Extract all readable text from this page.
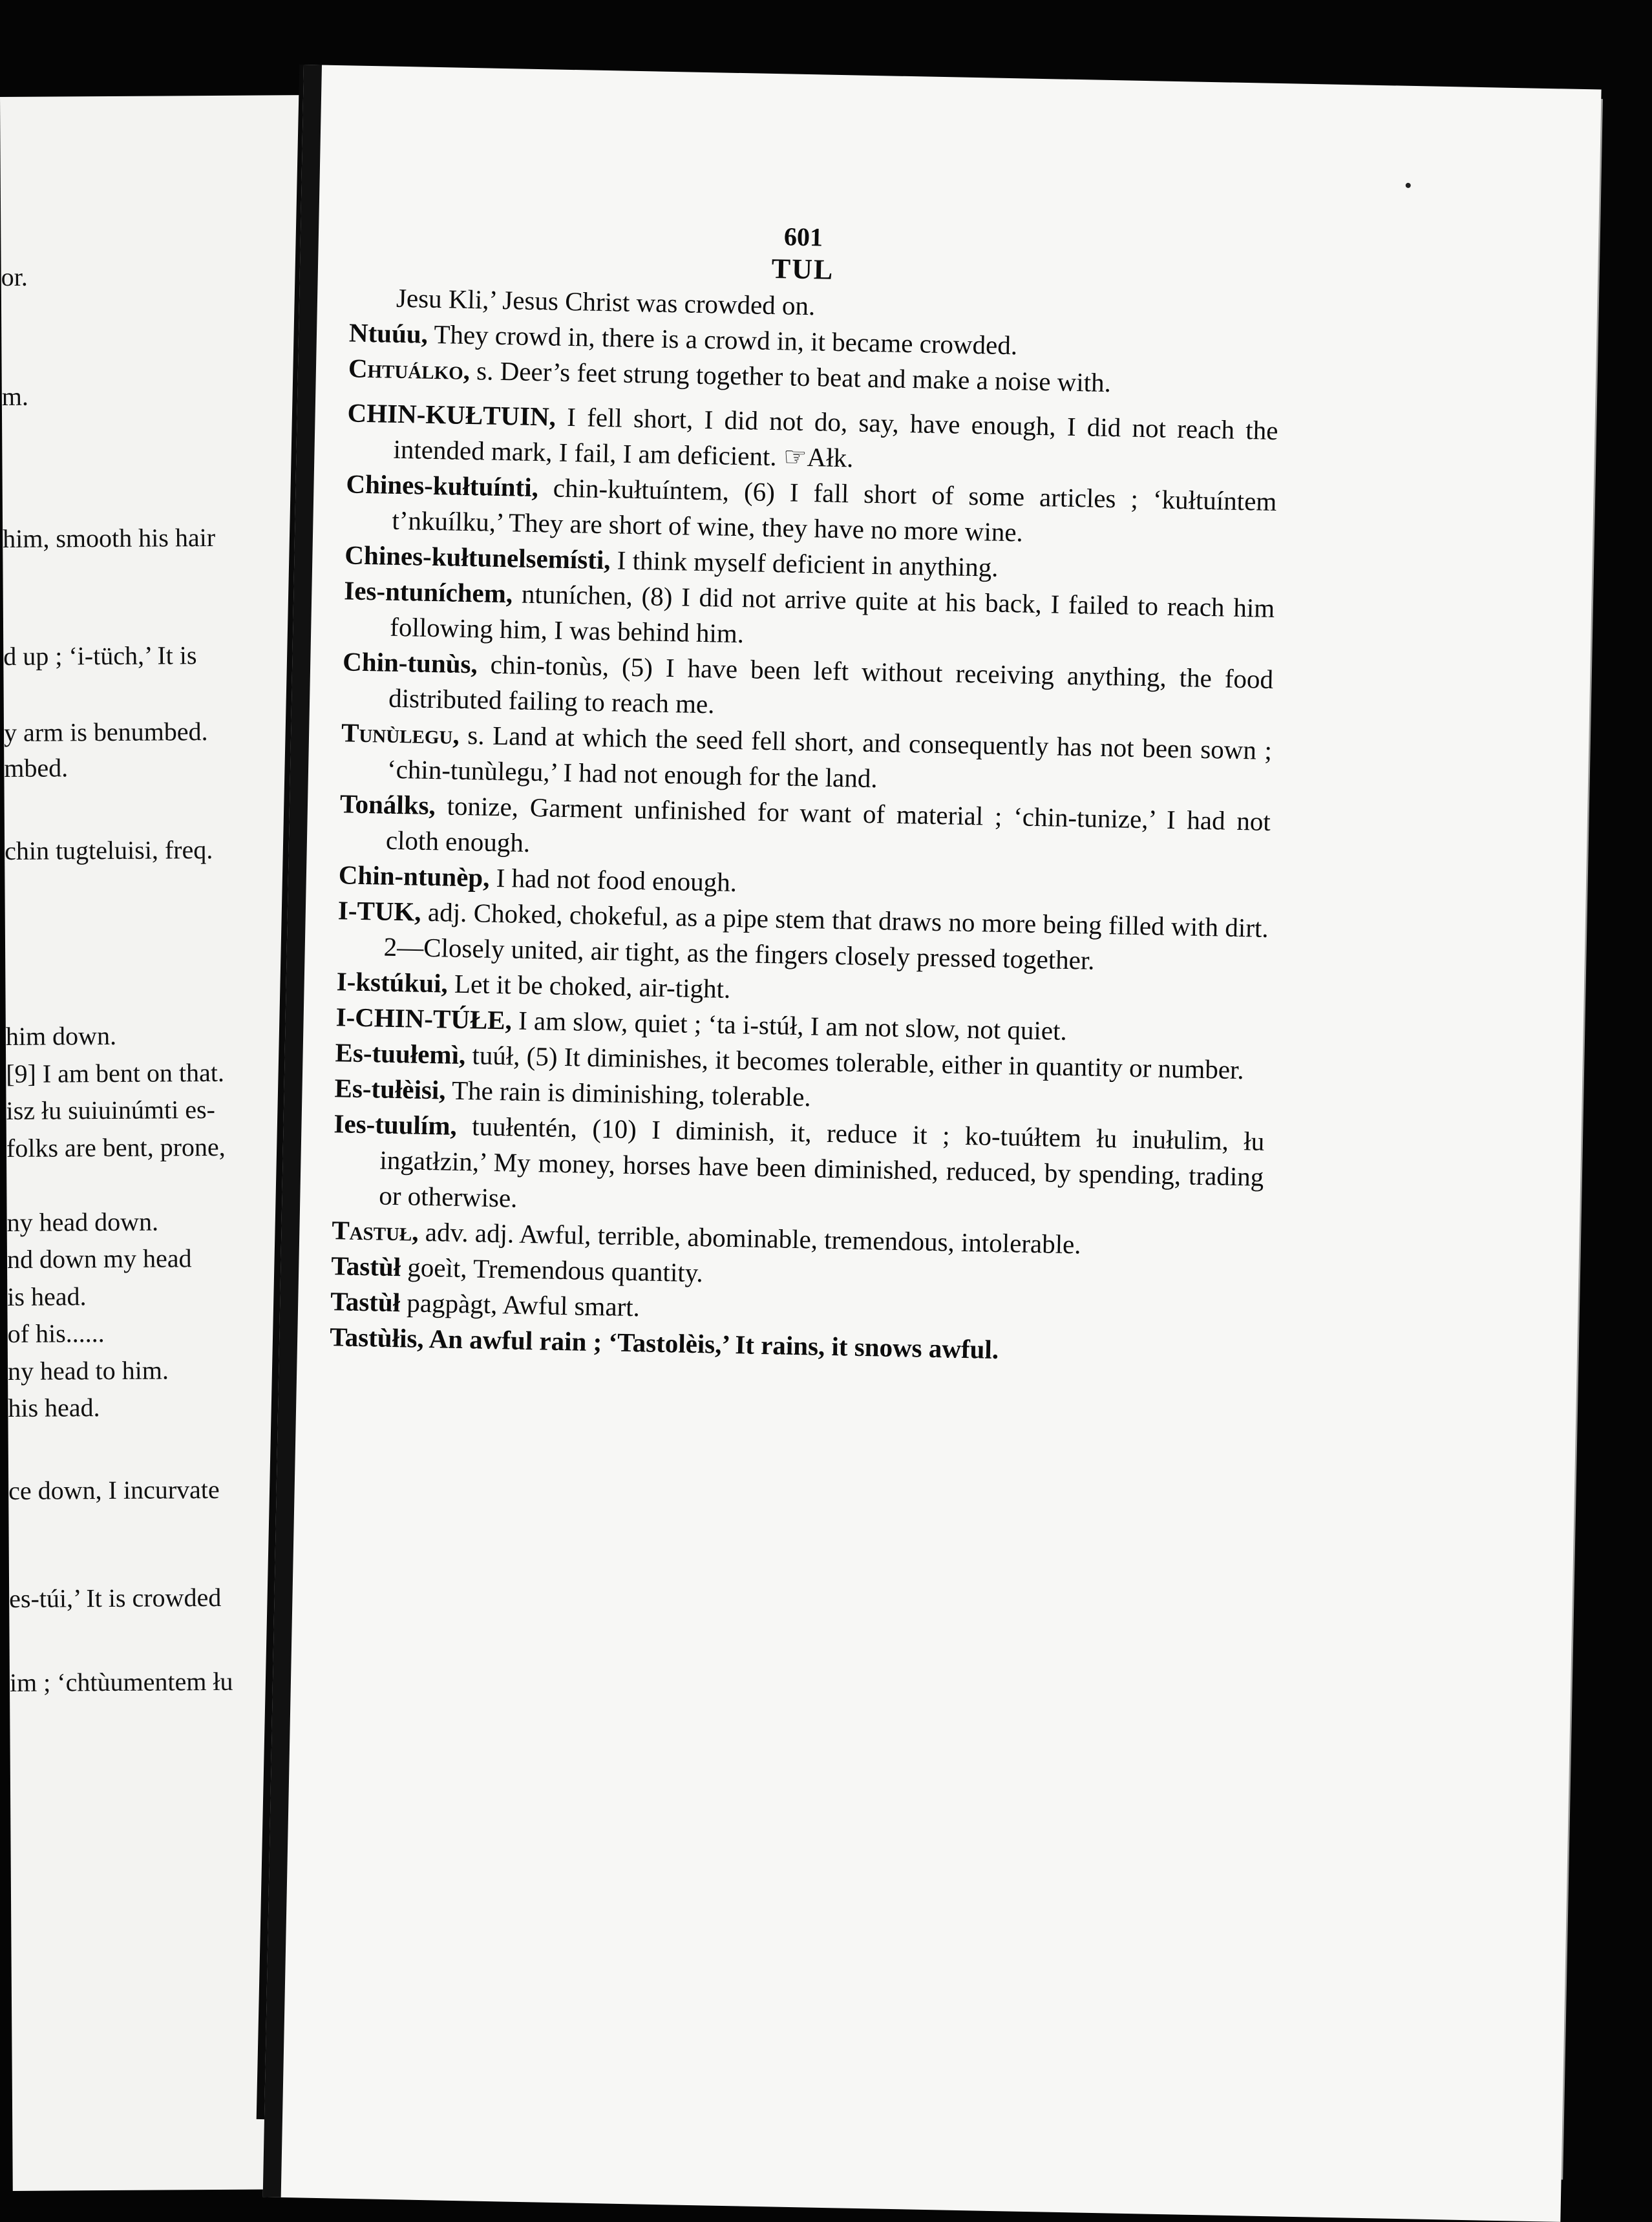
or.
m.
him, smooth his hair
d up ; ‘i-tüch,’ It is
y arm is benumbed.
mbed.
chin tugteluisi, freq.
him down.
[9] I am bent on that.
isz łu suiuinúmti es-
folks are bent, prone,
ny head down.
nd down my head
is head.
of his......
ny head to him.
his head.
ce down, I incurvate
es-túi,’ It is crowded
im ; ‘chtùumentem łu
601
TUL
Jesu Kli,’ Jesus Christ was crowded on.
Ntuúu, They crowd in, there is a crowd in, it became crowded.
Chtuálko, s. Deer’s feet strung together to beat and make a noise with.
CHIN-KUŁTUIN, I fell short, I did not do, say, have enough, I did not reach the intended mark, I fail, I am deficient. ☞Ałk.
Chines-kułtuínti, chin-kułtuíntem, (6) I fall short of some articles ; ‘kułtuíntem t’nkuílku,’ They are short of wine, they have no more wine.
Chines-kułtunelsemísti, I think myself deficient in anything.
Ies-ntuníchem, ntuníchen, (8) I did not arrive quite at his back, I failed to reach him following him, I was behind him.
Chin-tunùs, chin-tonùs, (5) I have been left without receiving anything, the food distributed failing to reach me.
Tunùlegu, s. Land at which the seed fell short, and consequently has not been sown ; ‘chin-tunùlegu,’ I had not enough for the land.
Tonálks, tonize, Garment unfinished for want of material ; ‘chin-tunize,’ I had not cloth enough.
Chin-ntunèp, I had not food enough.
I-TUK, adj. Choked, chokeful, as a pipe stem that draws no more being filled with dirt. 2—Closely united, air tight, as the fingers closely pressed together.
I-kstúkui, Let it be choked, air-tight.
I-CHIN-TÚŁE, I am slow, quiet ; ‘ta i-stúł, I am not slow, not quiet.
Es-tuułemì, tuúł, (5) It diminishes, it becomes tolerable, either in quantity or number.
Es-tułèisi, The rain is diminishing, tolerable.
Ies-tuulím, tuułentén, (10) I diminish, it, reduce it ; ko-tuúłtem łu inułulim, łu ingatłzin,’ My money, horses have been diminished, reduced, by spending, trading or otherwise.
Tastuł, adv. adj. Awful, terrible, abominable, tremendous, intolerable.
Tastùł goeìt, Tremendous quantity.
Tastùł pagpàgt, Awful smart.
Tastùłis, An awful rain ; ‘Tastolèis,’ It rains, it snows awful.
